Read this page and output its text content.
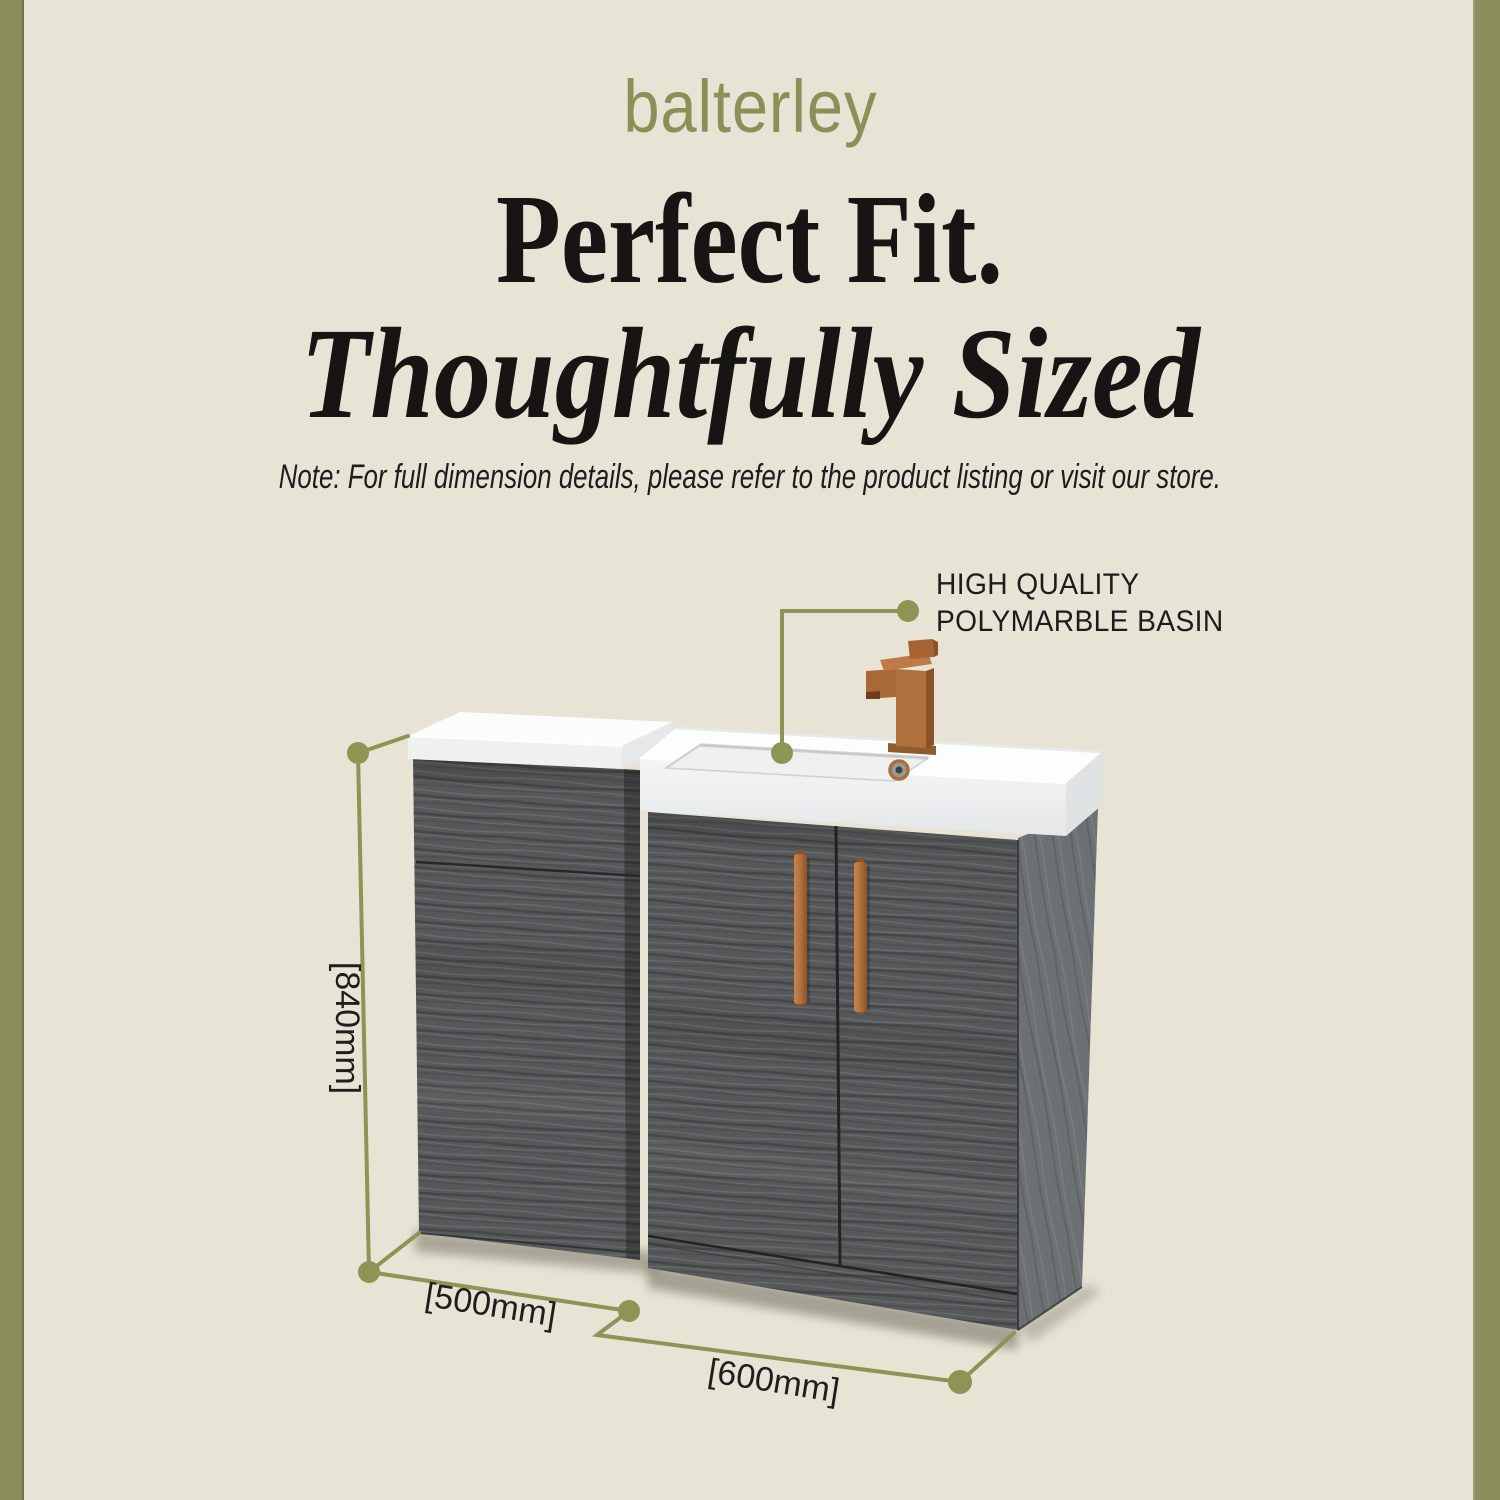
balterley
Perfect Fit.
Thoughtfully Sized
Note: For full dimension details, please refer to the product listing or visit our store.
HIGH QUALITY
POLYMARBLE BASIN
[840mm]
[500mm]
[600mm]
